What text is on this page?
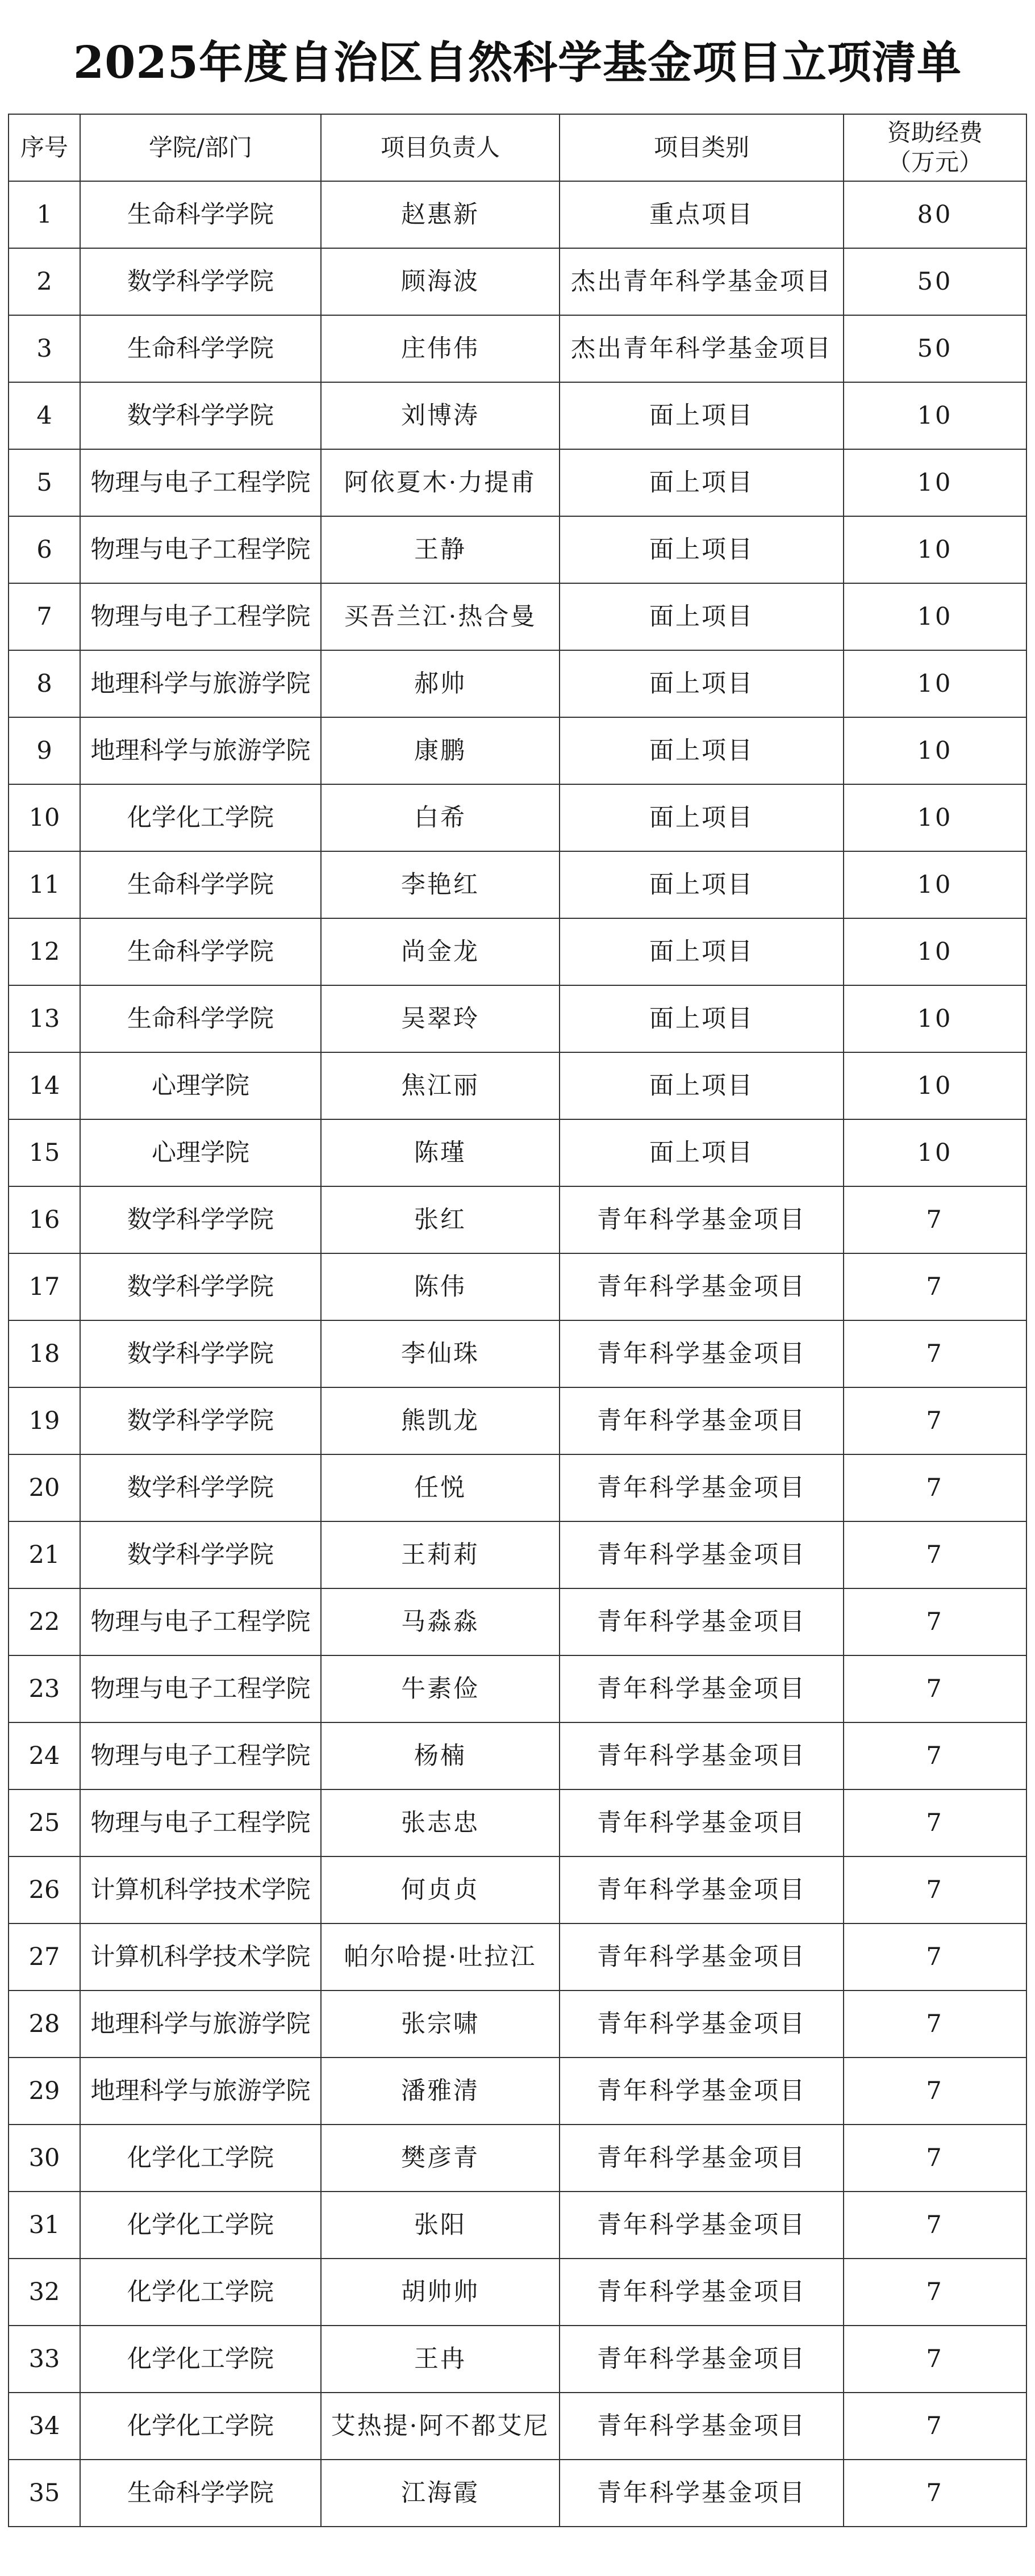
2025年度自治区自然科学基金项目立项清单
序号	学院/部门	项目负责人	项目类别	资助经费
（万元）

1	生命科学学院	赵惠新	重点项目	80
2	数学科学学院	顾海波	杰出青年科学基金项目	50
3	生命科学学院	庄伟伟	杰出青年科学基金项目	50
4	数学科学学院	刘博涛	面上项目	10
5	物理与电子工程学院	阿依夏木·力提甫	面上项目	10
6	物理与电子工程学院	王静	面上项目	10
7	物理与电子工程学院	买吾兰江·热合曼	面上项目	10
8	地理科学与旅游学院	郝帅	面上项目	10
9	地理科学与旅游学院	康鹏	面上项目	10
10	化学化工学院	白希	面上项目	10
11	生命科学学院	李艳红	面上项目	10
12	生命科学学院	尚金龙	面上项目	10
13	生命科学学院	吴翠玲	面上项目	10
14	心理学院	焦江丽	面上项目	10
15	心理学院	陈瑾	面上项目	10
16	数学科学学院	张红	青年科学基金项目	7
17	数学科学学院	陈伟	青年科学基金项目	7
18	数学科学学院	李仙珠	青年科学基金项目	7
19	数学科学学院	熊凯龙	青年科学基金项目	7
20	数学科学学院	任悦	青年科学基金项目	7
21	数学科学学院	王莉莉	青年科学基金项目	7
22	物理与电子工程学院	马淼淼	青年科学基金项目	7
23	物理与电子工程学院	牛素俭	青年科学基金项目	7
24	物理与电子工程学院	杨楠	青年科学基金项目	7
25	物理与电子工程学院	张志忠	青年科学基金项目	7
26	计算机科学技术学院	何贞贞	青年科学基金项目	7
27	计算机科学技术学院	帕尔哈提·吐拉江	青年科学基金项目	7
28	地理科学与旅游学院	张宗啸	青年科学基金项目	7
29	地理科学与旅游学院	潘雅清	青年科学基金项目	7
30	化学化工学院	樊彦青	青年科学基金项目	7
31	化学化工学院	张阳	青年科学基金项目	7
32	化学化工学院	胡帅帅	青年科学基金项目	7
33	化学化工学院	王冉	青年科学基金项目	7
34	化学化工学院	艾热提·阿不都艾尼	青年科学基金项目	7
35	生命科学学院	江海霞	青年科学基金项目	7
